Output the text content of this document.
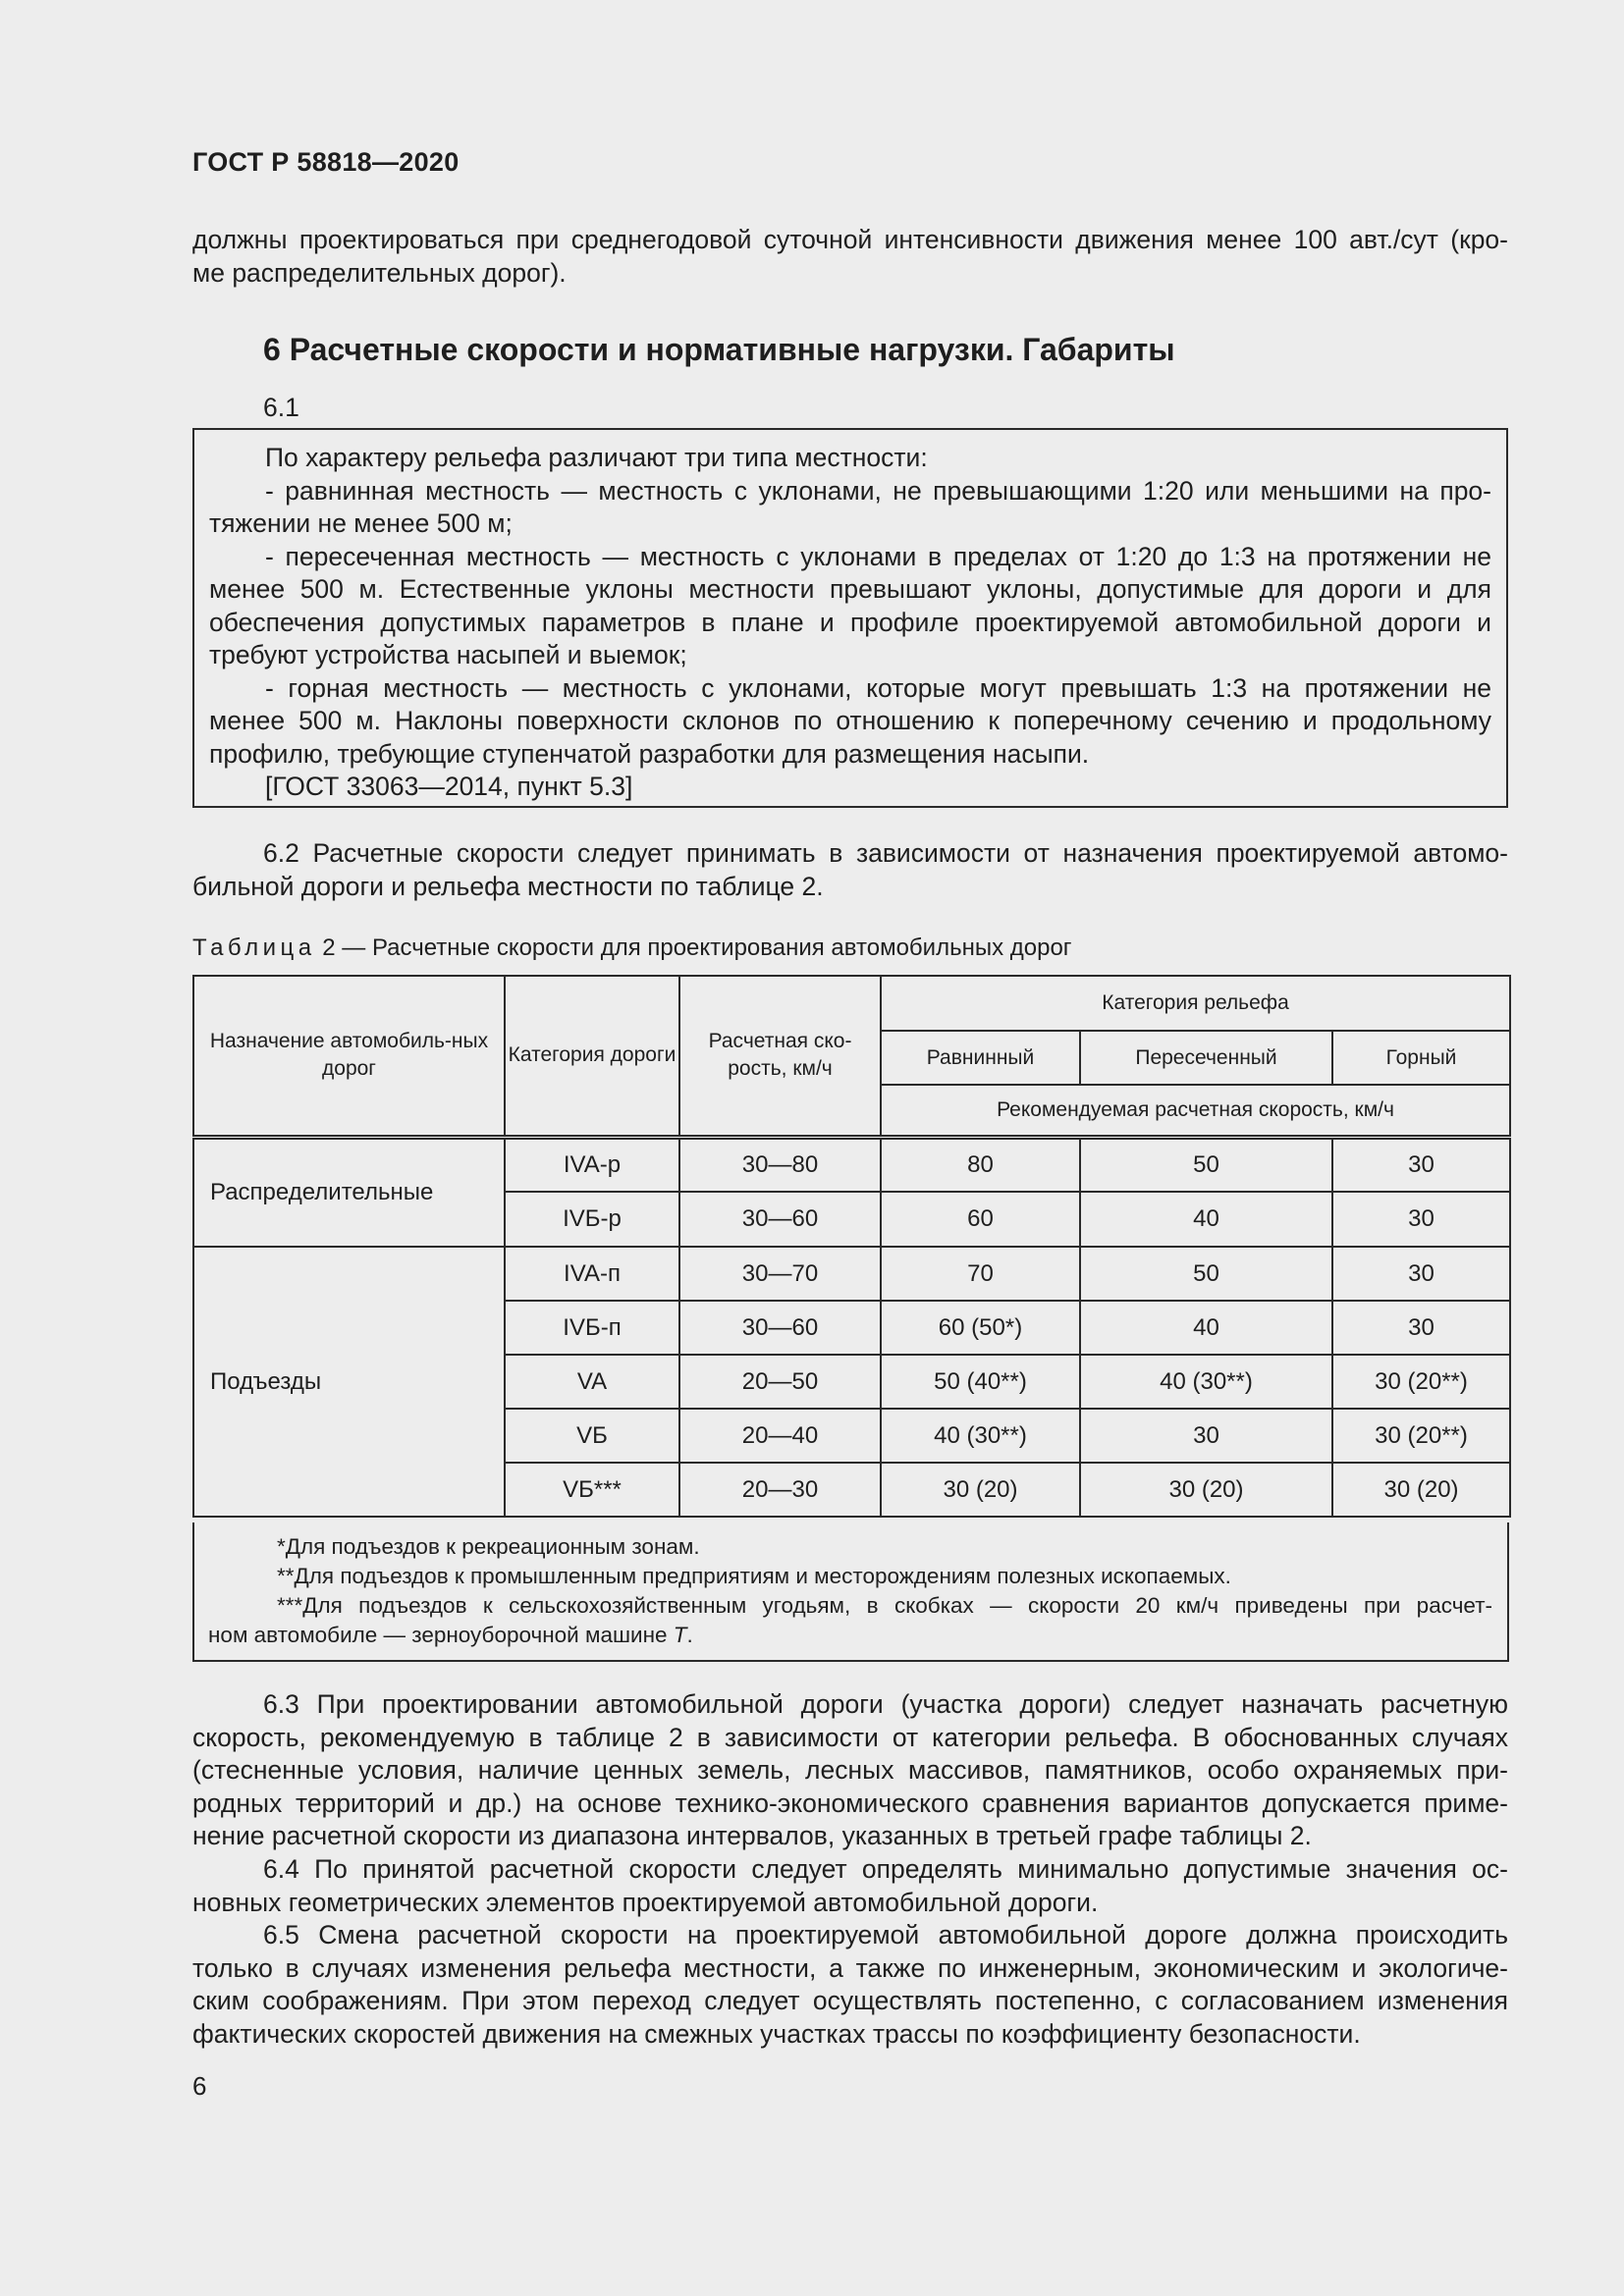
ГОСТ Р 58818—2020
должны проектироваться при среднегодовой суточной интенсивности движения менее 100 авт./сут (кро-
ме распределительных дорог).
6 Расчетные скорости и нормативные нагрузки. Габариты
6.1
По характеру рельефа различают три типа местности:
- равнинная местность — местность с уклонами, не превышающими 1:20 или меньшими на про-
тяжении не менее 500 м;
- пересеченная местность — местность с уклонами в пределах от 1:20 до 1:3 на протяжении не
менее 500 м. Естественные уклоны местности превышают уклоны, допустимые для дороги и для
обеспечения допустимых параметров в плане и профиле проектируемой автомобильной дороги и
требуют устройства насыпей и выемок;
- горная местность — местность с уклонами, которые могут превышать 1:3 на протяжении не
менее 500 м. Наклоны поверхности склонов по отношению к поперечному сечению и продольному
профилю, требующие ступенчатой разработки для размещения насыпи.
[ГОСТ 33063—2014, пункт 5.3]
6.2 Расчетные скорости следует принимать в зависимости от назначения проектируемой автомо-
бильной дороги и рельефа местности по таблице 2.
Таблица 2 — Расчетные скорости для проектирования автомобильных дорог
Назначение автомобиль-ных дорог	Категория дороги	Расчетная ско-рость, км/ч	Категория рельефа		
			Равнинный	Пересеченный	Горный
			Рекомендуемая расчетная скорость, км/ч		
Распределительные	IVA-р	30—80	80	50	30
	IVБ-р	30—60	60	40	30
Подъезды	IVA-п	30—70	70	50	30
	IVБ-п	30—60	60 (50*)	40	30
	VA	20—50	50 (40**)	40 (30**)	30 (20**)
	VБ	20—40	40 (30**)	30	30 (20**)
	VБ***	20—30	30 (20)	30 (20)	30 (20)
*Для подъездов к рекреационным зонам.
**Для подъездов к промышленным предприятиям и месторождениям полезных ископаемых.
***Для подъездов к сельскохозяйственным угодьям, в скобках — скорости 20 км/ч приведены при расчет-
ном автомобиле — зерноуборочной машине Т.
6.3 При проектировании автомобильной дороги (участка дороги) следует назначать расчетную
скорость, рекомендуемую в таблице 2 в зависимости от категории рельефа. В обоснованных случаях
(стесненные условия, наличие ценных земель, лесных массивов, памятников, особо охраняемых при-
родных территорий и др.) на основе технико-экономического сравнения вариантов допускается приме-
нение расчетной скорости из диапазона интервалов, указанных в третьей графе таблицы 2.
6.4 По принятой расчетной скорости следует определять минимально допустимые значения ос-
новных геометрических элементов проектируемой автомобильной дороги.
6.5 Смена расчетной скорости на проектируемой автомобильной дороге должна происходить
только в случаях изменения рельефа местности, а также по инженерным, экономическим и экологиче-
ским соображениям. При этом переход следует осуществлять постепенно, с согласованием изменения
фактических скоростей движения на смежных участках трассы по коэффициенту безопасности.
6
